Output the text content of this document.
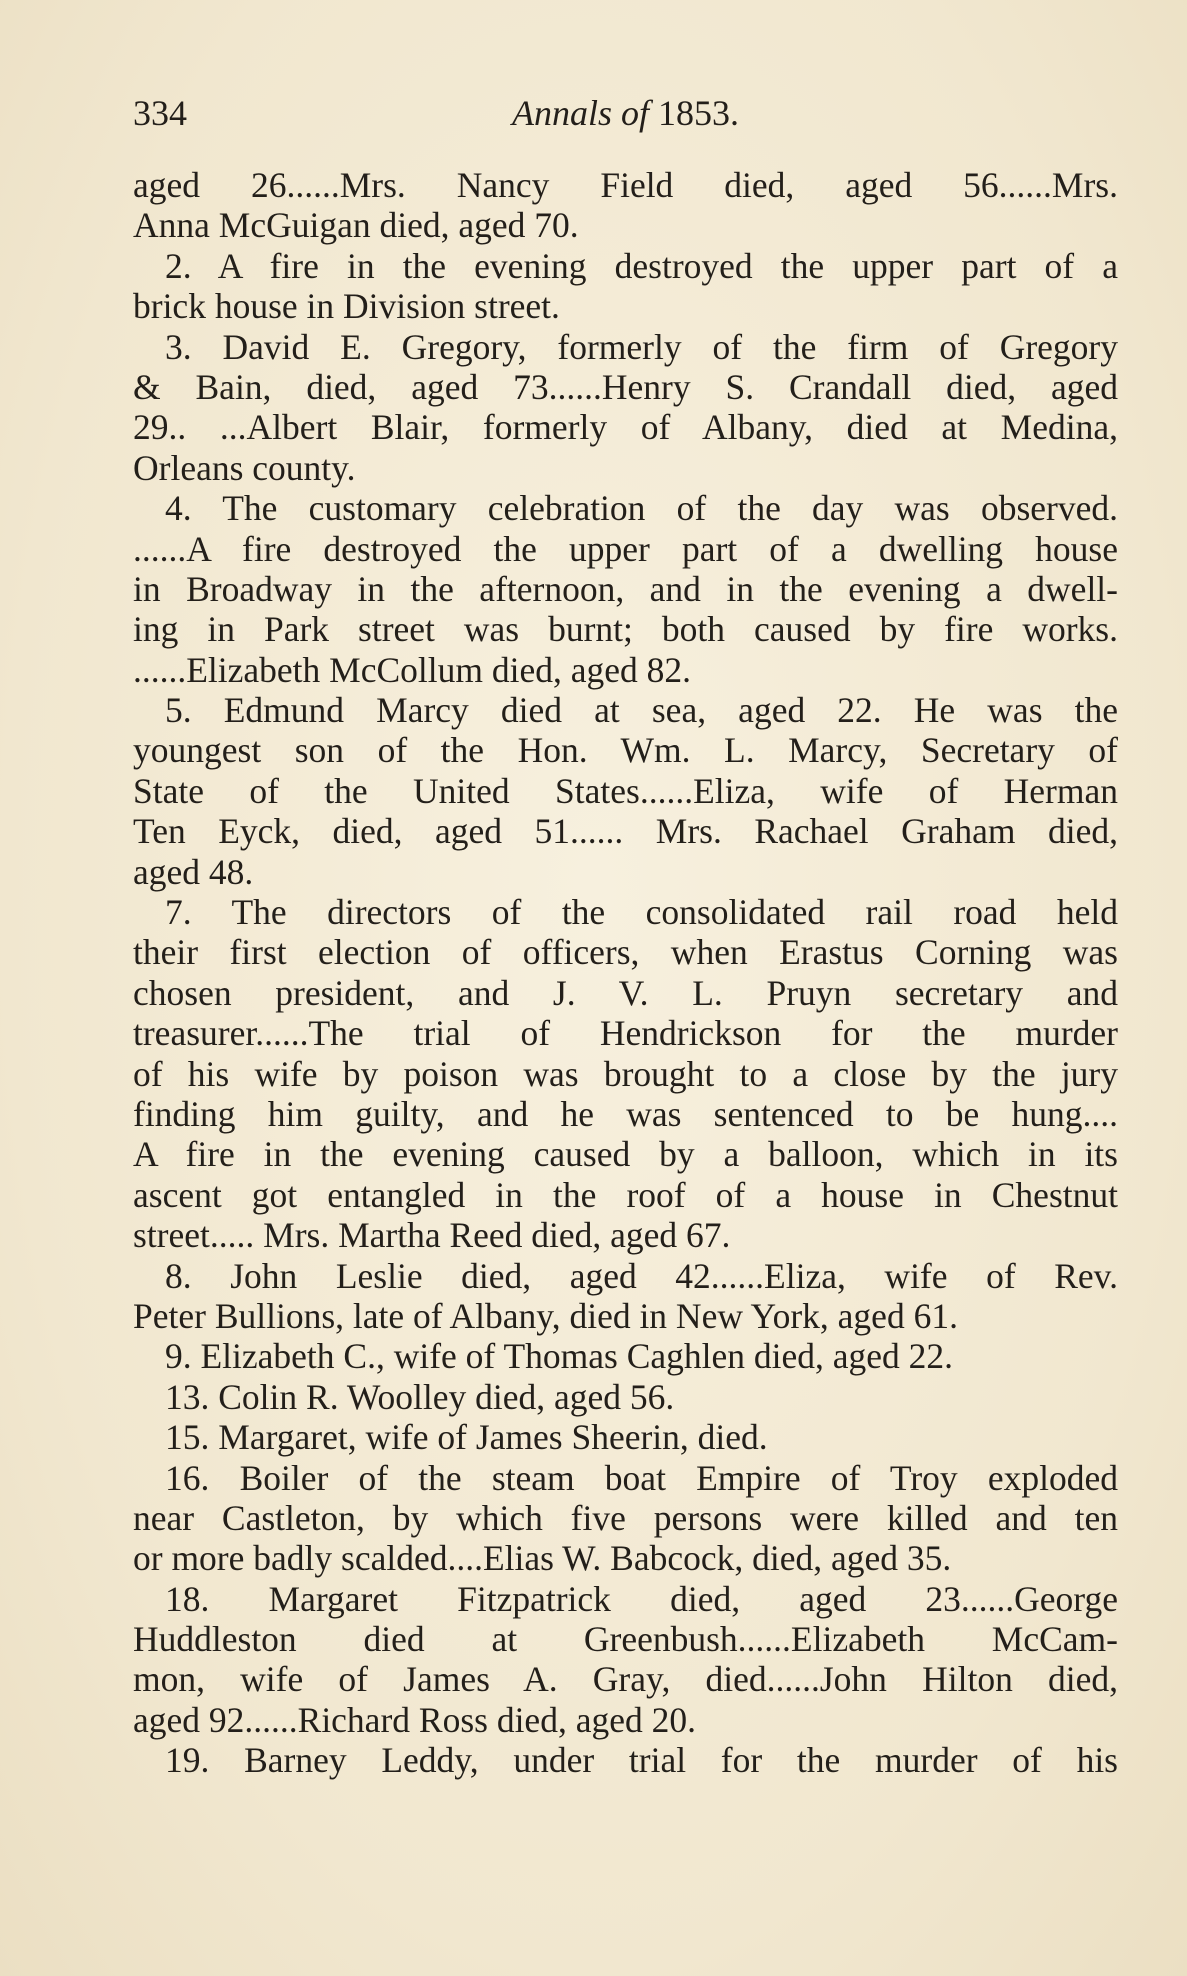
334	Annals of 1853.
aged 26......Mrs. Nancy Field died, aged 56......Mrs.
Anna McGuigan died, aged 70.
2. A fire in the evening destroyed the upper part of a
brick house in Division street.
3. David E. Gregory, formerly of the firm of Gregory
& Bain, died, aged 73......Henry S. Crandall died, aged
29.. ...Albert Blair, formerly of Albany, died at Medina,
Orleans county.
4. The customary celebration of the day was observed.
......A fire destroyed the upper part of a dwelling house
in Broadway in the afternoon, and in the evening a dwell-
ing in Park street was burnt; both caused by fire works.
......Elizabeth McCollum died, aged 82.
5. Edmund Marcy died at sea, aged 22. He was the
youngest son of the Hon. Wm. L. Marcy, Secretary of
State of the United States......Eliza, wife of Herman
Ten Eyck, died, aged 51...... Mrs. Rachael Graham died,
aged 48.
7. The directors of the consolidated rail road held
their first election of officers, when Erastus Corning was
chosen president, and J. V. L. Pruyn secretary and
treasurer......The trial of Hendrickson for the murder
of his wife by poison was brought to a close by the jury
finding him guilty, and he was sentenced to be hung....
A fire in the evening caused by a balloon, which in its
ascent got entangled in the roof of a house in Chestnut
street..... Mrs. Martha Reed died, aged 67.
8. John Leslie died, aged 42......Eliza, wife of Rev.
Peter Bullions, late of Albany, died in New York, aged 61.
9. Elizabeth C., wife of Thomas Caghlen died, aged 22.
13. Colin R. Woolley died, aged 56.
15. Margaret, wife of James Sheerin, died.
16. Boiler of the steam boat Empire of Troy exploded
near Castleton, by which five persons were killed and ten
or more badly scalded....Elias W. Babcock, died, aged 35.
18. Margaret Fitzpatrick died, aged 23......George
Huddleston died at Greenbush......Elizabeth McCam-
mon, wife of James A. Gray, died......John Hilton died,
aged 92......Richard Ross died, aged 20.
19. Barney Leddy, under trial for the murder of his
